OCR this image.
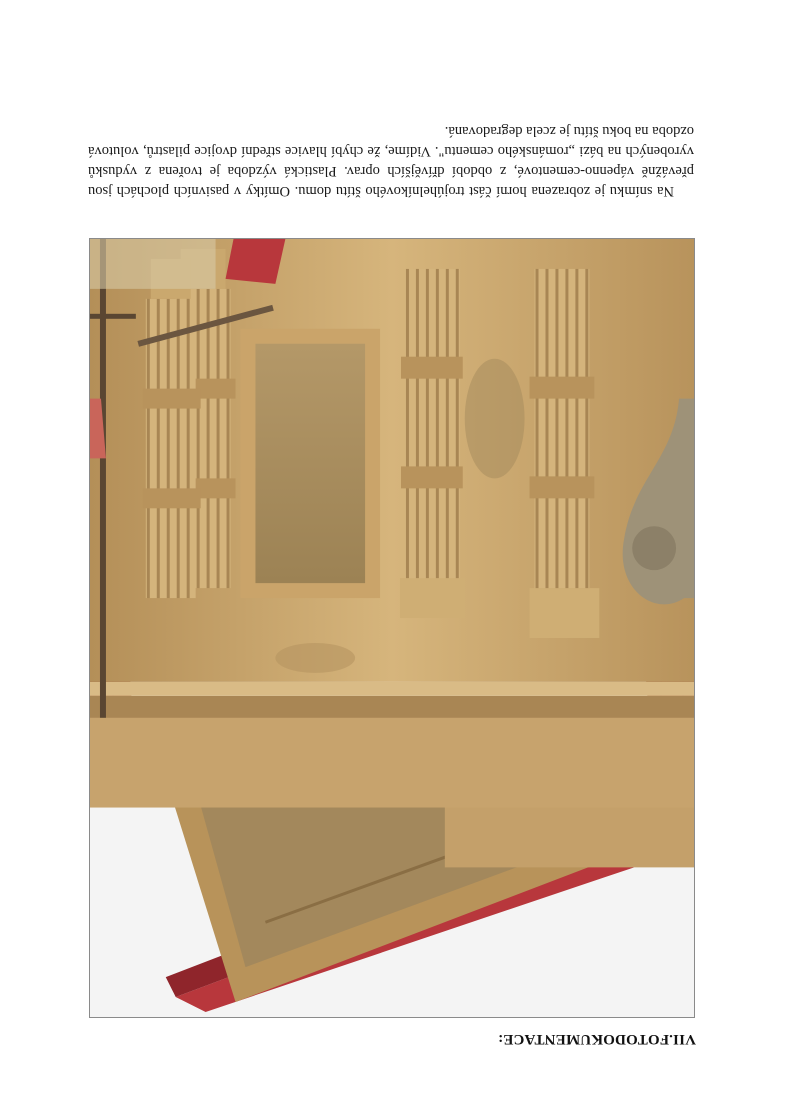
VII.FOTODOKUMENTACE:
Na snímku je zobrazena horní část trojúhelníkového štítu domu. Omítky v pasivních plochách jsou převážně vápenno-cementové, z období dřívějších oprav. Plastická výzdoba je tvořena z vydusků vyrobených na bázi „románského cementu". Vidíme, že chybí hlavice střední dvojice pilastrů, volutová ozdoba na boku štítu je zcela degradovaná.
